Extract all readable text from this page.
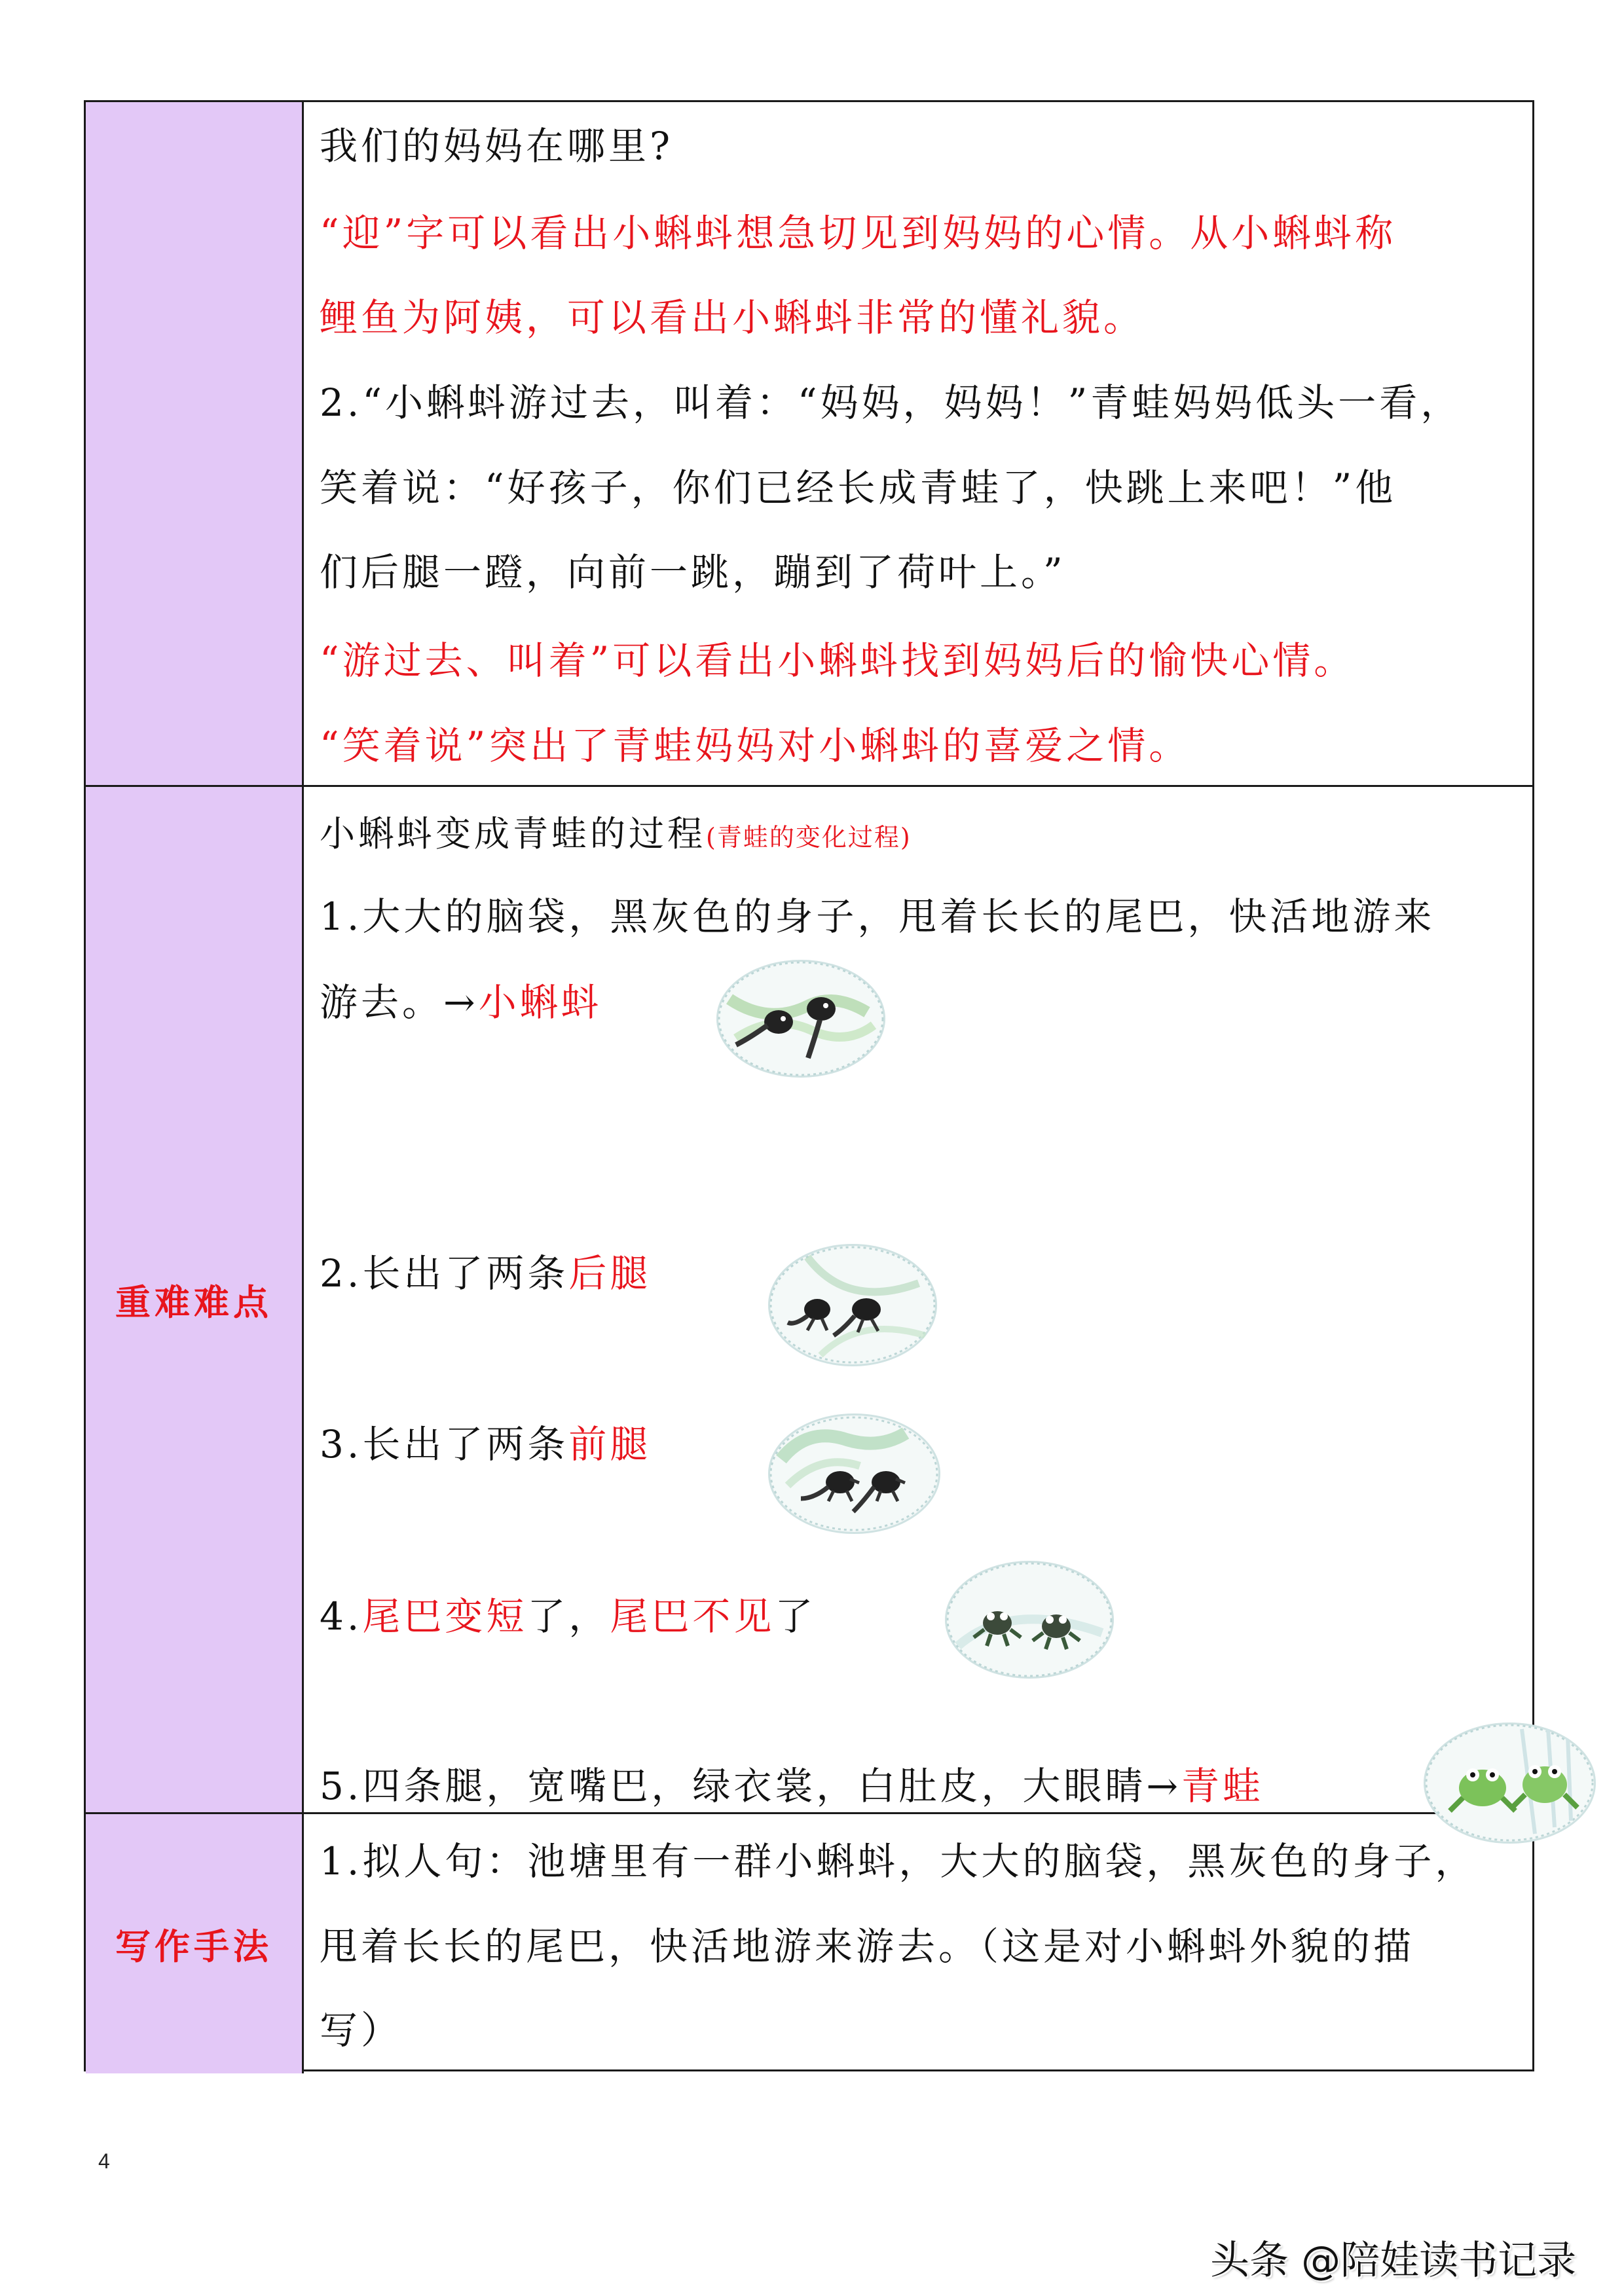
我们的妈妈在哪里?
“迎”字可以看出小蝌蚪想急切见到妈妈的心情。从小蝌蚪称
鲤鱼为阿姨，可以看出小蝌蚪非常的懂礼貌。
2.“小蝌蚪游过去，叫着：“妈妈，妈妈！”青蛙妈妈低头一看，
笑着说：“好孩子，你们已经长成青蛙了，快跳上来吧！”他
们后腿一蹬，向前一跳，蹦到了荷叶上。”
“游过去、叫着”可以看出小蝌蚪找到妈妈后的愉快心情。
“笑着说”突出了青蛙妈妈对小蝌蚪的喜爱之情。
重难难点
小蝌蚪变成青蛙的过程(青蛙的变化过程)
1.大大的脑袋，黑灰色的身子，甩着长长的尾巴，快活地游来
游去。→小蝌蚪
2.长出了两条后腿
3.长出了两条前腿
4.尾巴变短了，尾巴不见了
5.四条腿，宽嘴巴，绿衣裳，白肚皮，大眼睛→青蛙
写作手法
1.拟人句：池塘里有一群小蝌蚪，大大的脑袋，黑灰色的身子，
甩着长长的尾巴，快活地游来游去。（这是对小蝌蚪外貌的描
写）
4
头条 @陪娃读书记录
